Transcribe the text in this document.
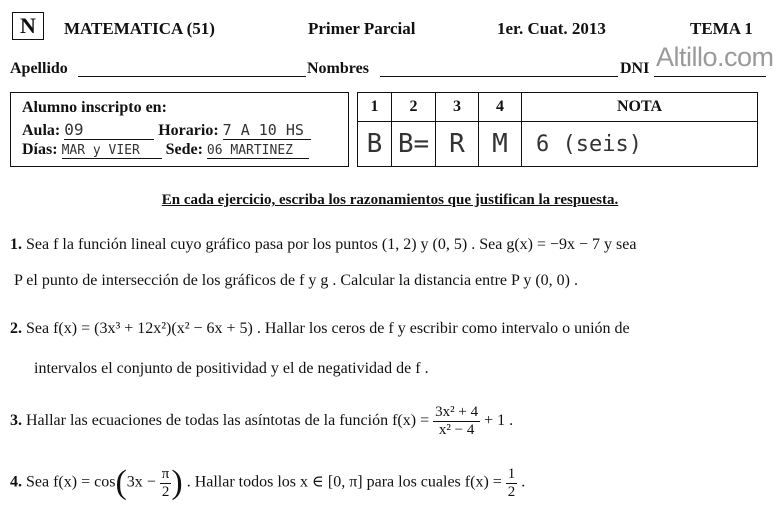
N	MATEMATICA (51)	Primer Parcial	1er. Cuat. 2013	TEMA 1
Altillo.com
Apellido	Nombres	DNI
Alumno inscripto en:
Aula: 09	Horario: 7 A 10 HS
Días: MAR y VIER Sede: 06 MARTINEZ
1	2	3	4	NOTA
B	B=	R	M	6 (seis)
En cada ejercicio, escriba los razonamientos que justifican la respuesta.
1. Sea f la función lineal cuyo gráfico pasa por los puntos (1, 2) y (0, 5) . Sea g(x) = −9x − 7 y sea
P el punto de intersección de los gráficos de f y g . Calcular la distancia entre P y (0, 0) .
2. Sea f(x) = (3x³ + 12x²)(x² − 6x + 5) . Hallar los ceros de f y escribir como intervalo o unión de
intervalos el conjunto de positividad y el de negatividad de f .
3. Hallar las ecuaciones de todas las asíntotas de la función $f(x) = \frac{\text{3x² + 4}}{\text{x² − 4}} + 1$ .
4. Sea $f(x) = \cos(3x - \frac{\pi}{2}$ ) . Hallar todos los x ∈ [0, π] para los cuales $f(x) = \frac{1}{2}$ .
